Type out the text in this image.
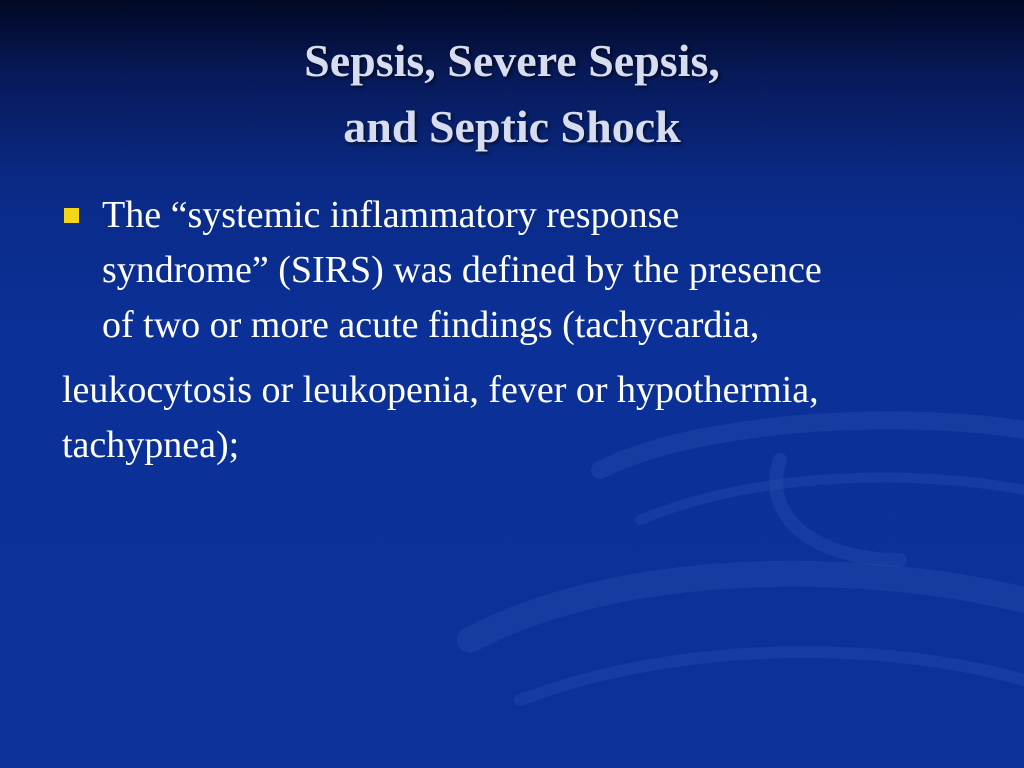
Sepsis, Severe Sepsis,
and Septic Shock
The “systemic inflammatory response
syndrome” (SIRS) was defined by the presence
of two or more acute findings (tachycardia,
leukocytosis or leukopenia, fever or hypothermia,
tachypnea);
